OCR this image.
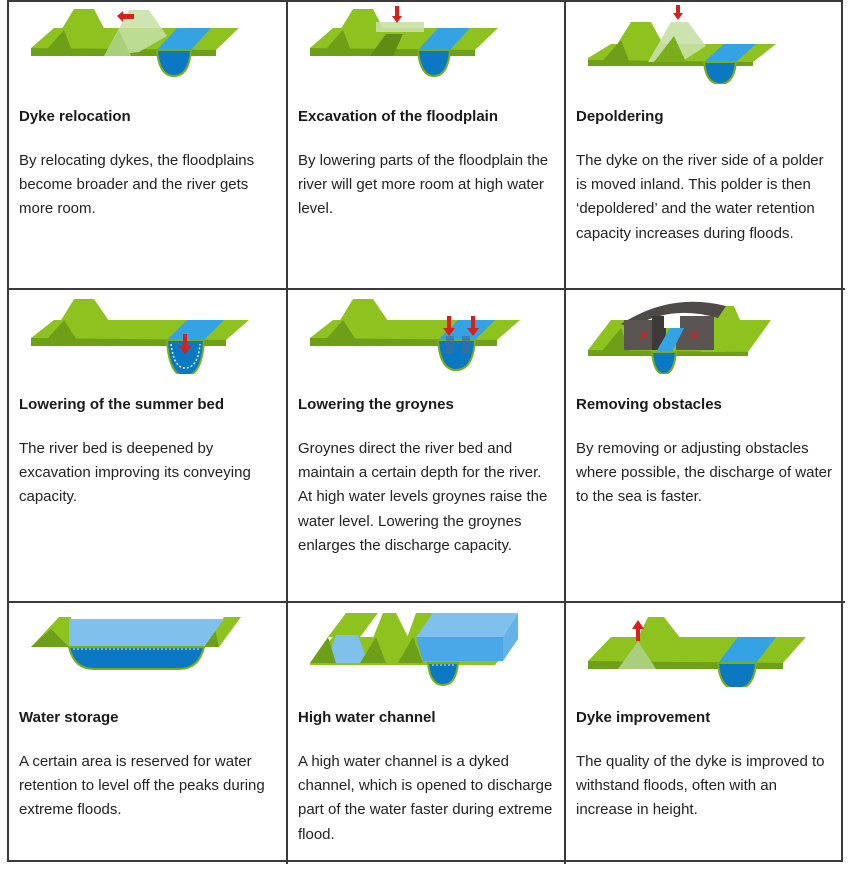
Dyke relocation
By relocating dykes, the floodplains become broader and the river gets more room.
Excavation of the floodplain
By lowering parts of the floodplain the river will get more room at high water level.
Depoldering
The dyke on the river side of a polder is moved inland. This polder is then ‘depoldered’ and the water retention capacity increases during floods.
Lowering of the summer bed
The river bed is deepened by excavation improving its conveying capacity.
Lowering the groynes
Groynes direct the river bed and maintain a certain depth for the river. At high water levels groynes raise the water level. Lowering the groynes enlarges the discharge capacity.
✕	✕
Removing obstacles
By removing or adjusting obstacles where possible, the discharge of water to the sea is faster.
Water storage
A certain area is reserved for water retention to level off the peaks during extreme floods.
High water channel
A high water channel is a dyked channel, which is opened to discharge part of the water faster during extreme flood.
Dyke improvement
The quality of the dyke is improved to withstand floods, often with an increase in height.
